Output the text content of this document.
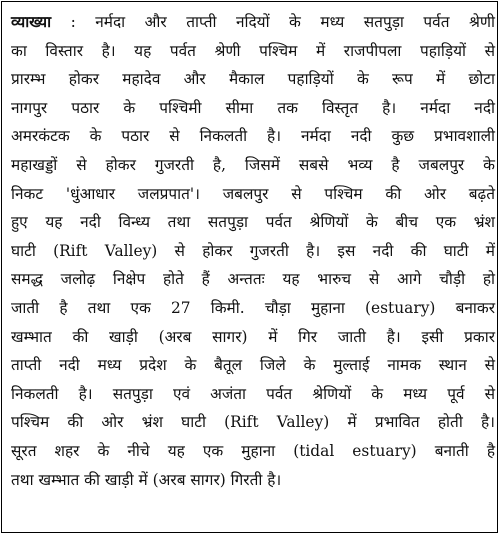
व्याख्या : नर्मदा और ताप्ती नदियों के मध्य सतपुड़ा पर्वत श्रेणी
का विस्तार है। यह पर्वत श्रेणी पश्चिम में राजपीपला पहाड़ियों से
प्रारम्भ होकर महादेव और मैकाल पहाड़ियों के रूप में छोटा
नागपुर पठार के पश्चिमी सीमा तक विस्तृत है। नर्मदा नदी
अमरकंटक के पठार से निकलती है। नर्मदा नदी कुछ प्रभावशाली
महाखड्डों से होकर गुजरती है, जिसमें सबसे भव्य है जबलपुर के
निकट 'धुंआधार जलप्रपात'। जबलपुर से पश्चिम की ओर बढ़ते
हुए यह नदी विन्ध्य तथा सतपुड़ा पर्वत श्रेणियों के बीच एक भ्रंश
घाटी (Rift Valley) से होकर गुजरती है। इस नदी की घाटी में
समद्ध जलोढ़ निक्षेप होते हैं अन्ततः यह भारुच से आगे चौड़ी हो
जाती है तथा एक 27 किमी. चौड़ा मुहाना (estuary) बनाकर
खम्भात की खाड़ी (अरब सागर) में गिर जाती है। इसी प्रकार
ताप्ती नदी मध्य प्रदेश के बैतूल जिले के मुल्ताई नामक स्थान से
निकलती है। सतपुड़ा एवं अजंता पर्वत श्रेणियों के मध्य पूर्व से
पश्चिम की ओर भ्रंश घाटी (Rift Valley) में प्रभावित होती है।
सूरत शहर के नीचे यह एक मुहाना (tidal estuary) बनाती है
तथा खम्भात की खाड़ी में (अरब सागर) गिरती है।
